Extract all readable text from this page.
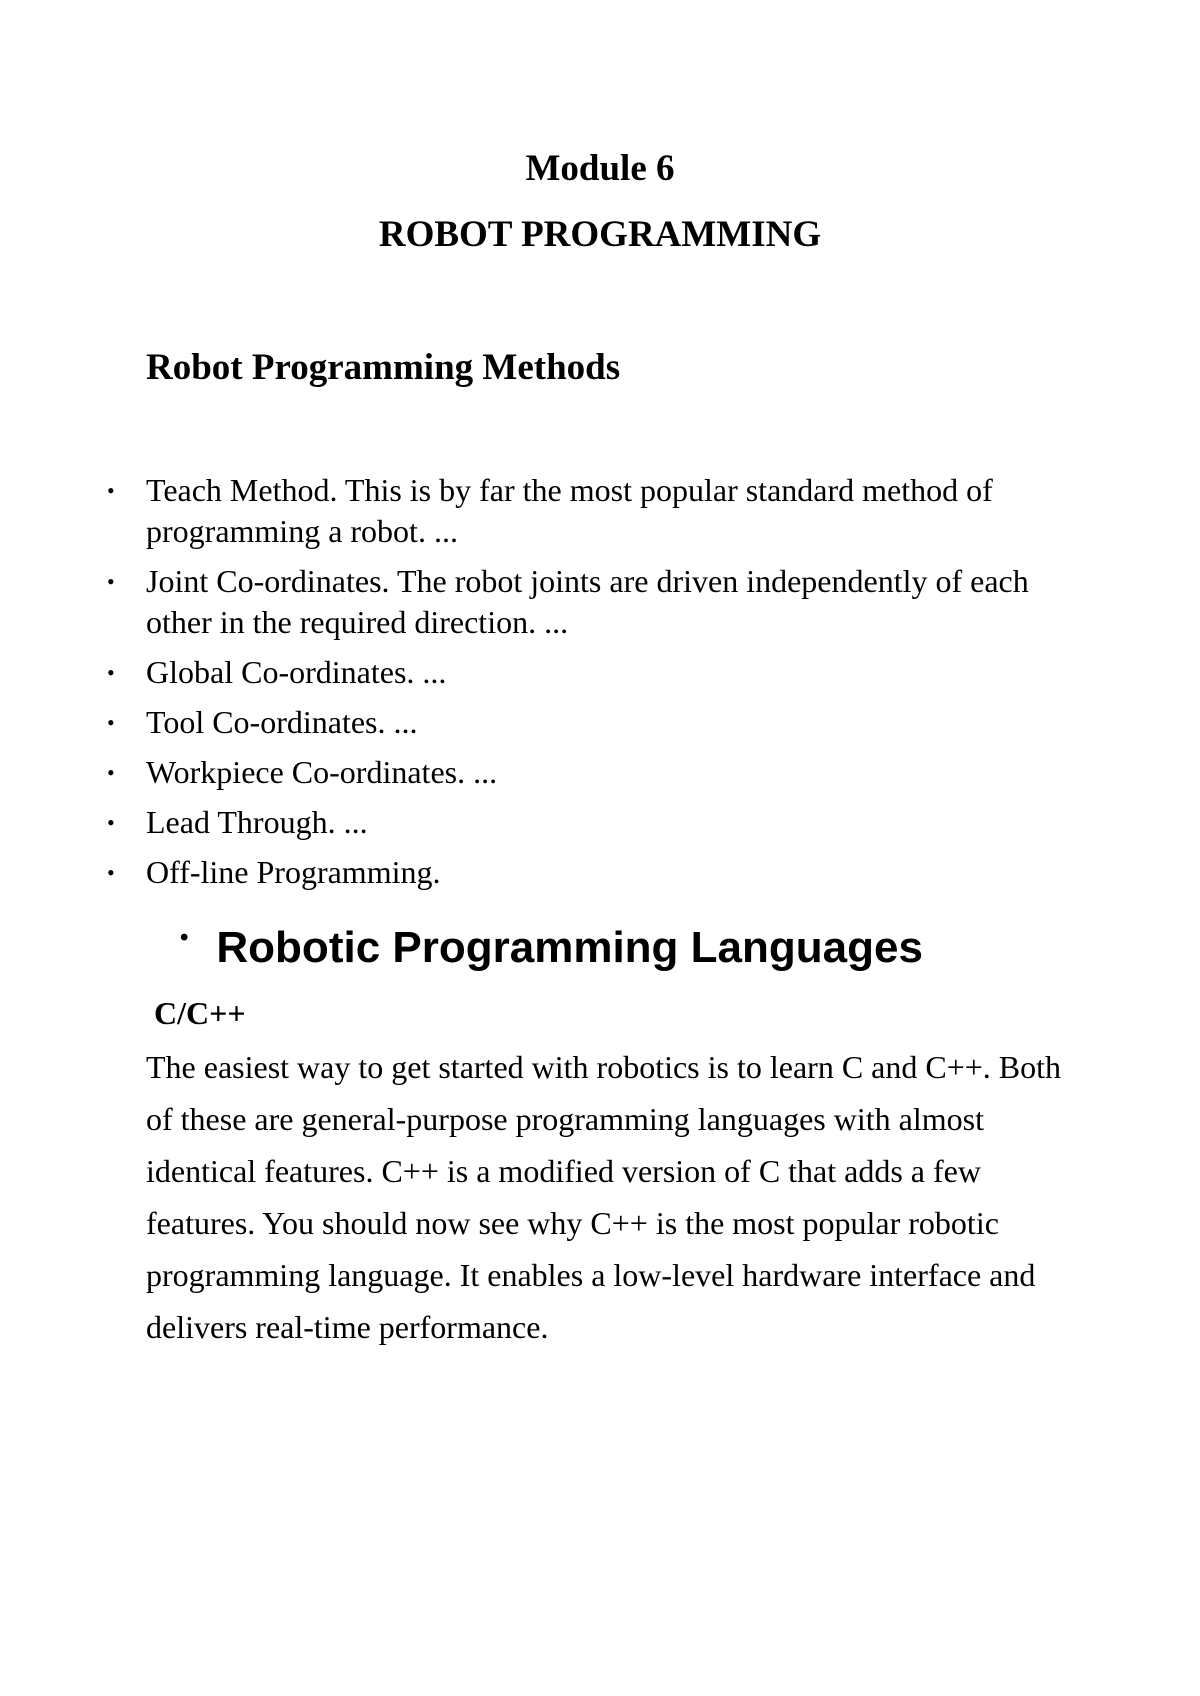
Module 6
ROBOT PROGRAMMING
Robot Programming Methods
• Teach Method. This is by far the most popular standard method of programming a robot. ...
• Joint Co-ordinates. The robot joints are driven independently of each other in the required direction. ...
• Global Co-ordinates. ...
• Tool Co-ordinates. ...
• Workpiece Co-ordinates. ...
• Lead Through. ...
• Off-line Programming.
• Robotic Programming Languages
C/C++

The easiest way to get started with robotics is to learn C and C++. Both of these are general-purpose programming languages with almost identical features. C++ is a modified version of C that adds a few features. You should now see why C++ is the most popular robotic programming language. It enables a low-level hardware interface and delivers real-time performance.
